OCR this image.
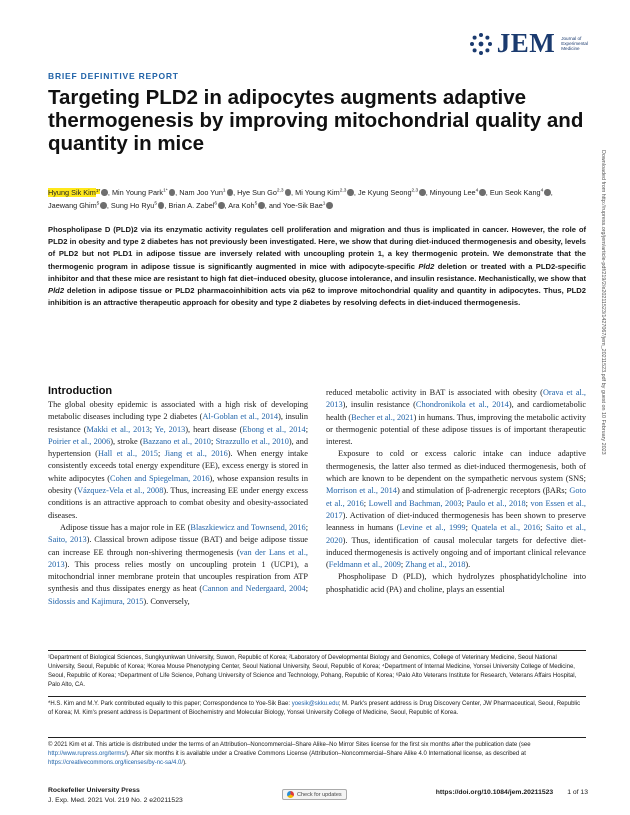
JEM Journal of
Experimental
Medicine
BRIEF DEFINITIVE REPORT
Targeting PLD2 in adipocytes augments adaptive thermogenesis by improving mitochondrial quality and quantity in mice
Hyung Sik Kim$^{1*}$ , Min Young Park$^{1*}$ , Nam Joo Yun$^1$ , Hye Sun Go$^{2,3}$ , Mi Young Kim$^{2,3}$ , Je Kyung Seong$^{2,3}$ , Minyoung Lee$^4$ , Eun Seok Kang$^4$ , Jaewang Ghim$^5$ , Sung Ho Ryu$^5$ , Brian A. Zabel$^6$ , Ara Koh$^5$ , and Yoe-Sik Bae$^1$
Phospholipase D (PLD)2 via its enzymatic activity regulates cell proliferation and migration and thus is implicated in cancer. However, the role of PLD2 in obesity and type 2 diabetes has not previously been investigated. Here, we show that during diet-induced thermogenesis and obesity, levels of PLD2 but not PLD1 in adipose tissue are inversely related with uncoupling protein 1, a key thermogenic protein. We demonstrate that the thermogenic program in adipose tissue is significantly augmented in mice with adipocyte-specific Pld2 deletion or treated with a PLD2-specific inhibitor and that these mice are resistant to high fat diet–induced obesity, glucose intolerance, and insulin resistance. Mechanistically, we show that Pld2 deletion in adipose tissue or PLD2 pharmacoinhibition acts via p62 to improve mitochondrial quality and quantity in adipocytes. Thus, PLD2 inhibition is an attractive therapeutic approach for obesity and type 2 diabetes by resolving defects in diet-induced thermogenesis.	Downloaded from http://rupress.org/jem/article-pdf/219/2/e20211523/1427067/jem_20211523.pdf by guest on 10 February 2023
Introduction

The global obesity epidemic is associated with a high risk of developing metabolic diseases including type 2 diabetes (Al-Goblan et al., 2014), insulin resistance (Makki et al., 2013; Ye, 2013), heart disease (Ebong et al., 2014; Poirier et al., 2006), stroke (Bazzano et al., 2010; Strazzullo et al., 2010), and hypertension (Hall et al., 2015; Jiang et al., 2016). When energy intake consistently exceeds total energy expenditure (EE), excess energy is stored in white adipocytes (Cohen and Spiegelman, 2016), whose expansion results in obesity (Vázquez-Vela et al., 2008). Thus, increasing EE under energy excess conditions is an attractive approach to combat obesity and obesity-associated diseases.

Adipose tissue has a major role in EE (Blaszkiewicz and Townsend, 2016; Saito, 2013). Classical brown adipose tissue (BAT) and beige adipose tissue can increase EE through non-shivering thermogenesis (van der Lans et al., 2013). This process relies mostly on uncoupling protein 1 (UCP1), a mitochondrial inner membrane protein that uncouples respiration from ATP synthesis and thus dissipates energy as heat (Cannon and Nedergaard, 2004; Sidossis and Kajimura, 2015). Conversely,

reduced metabolic activity in BAT is associated with obesity (Orava et al., 2013), insulin resistance (Chondronikola et al., 2014), and cardiometabolic health (Becher et al., 2021) in humans. Thus, improving the metabolic activity or thermogenic potential of these adipose tissues is of important therapeutic interest.

Exposure to cold or excess caloric intake can induce adaptive thermogenesis, the latter also termed as diet-induced thermogenesis, both of which are known to be dependent on the sympathetic nervous system (SNS; Morrison et al., 2014) and stimulation of β-adrenergic receptors (βARs; Goto et al., 2016; Lowell and Bachman, 2003; Paulo et al., 2018; von Essen et al., 2017). Activation of diet-induced thermogenesis has been shown to preserve leanness in humans (Levine et al., 1999; Quatela et al., 2016; Saito et al., 2020). Thus, identification of causal molecular targets for defective diet-induced thermogenesis is actively ongoing and of important clinical relevance (Feldmann et al., 2009; Zhang et al., 2018).

Phospholipase D (PLD), which hydrolyzes phosphatidylcholine into phosphatidic acid (PA) and choline, plays an essential

¹Department of Biological Sciences, Sungkyunkwan University, Suwon, Republic of Korea; ²Laboratory of Developmental Biology and Genomics, College of Veterinary Medicine, Seoul National University, Seoul, Republic of Korea; ³Korea Mouse Phenotyping Center, Seoul National University, Seoul, Republic of Korea; ⁴Department of Internal Medicine, Yonsei University College of Medicine, Seoul, Republic of Korea; ⁵Department of Life Science, Pohang University of Science and Technology, Pohang, Republic of Korea; ⁶Palo Alto Veterans Institute for Research, Veterans Affairs Hospital, Palo Alto, CA.
*H.S. Kim and M.Y. Park contributed equally to this paper; Correspondence to Yoe-Sik Bae: yoesik@skku.edu; M. Park's present address is Drug Discovery Center, JW Pharmaceutical, Seoul, Republic of Korea; M. Kim's present address is Department of Biochemistry and Molecular Biology, Yonsei University College of Medicine, Seoul, Republic of Korea.
© 2021 Kim et al. This article is distributed under the terms of an Attribution–Noncommercial–Share Alike–No Mirror Sites license for the first six months after the publication date (see http://www.rupress.org/terms/). After six months it is available under a Creative Commons License (Attribution–Noncommercial–Share Alike 4.0 International license, as described at https://creativecommons.org/licenses/by-nc-sa/4.0/).
Rockefeller University Press
J. Exp. Med. 2021 Vol. 219 No. 2 e20211523
Check for updates	https://doi.org/10.1084/jem.20211523 1 of 13
